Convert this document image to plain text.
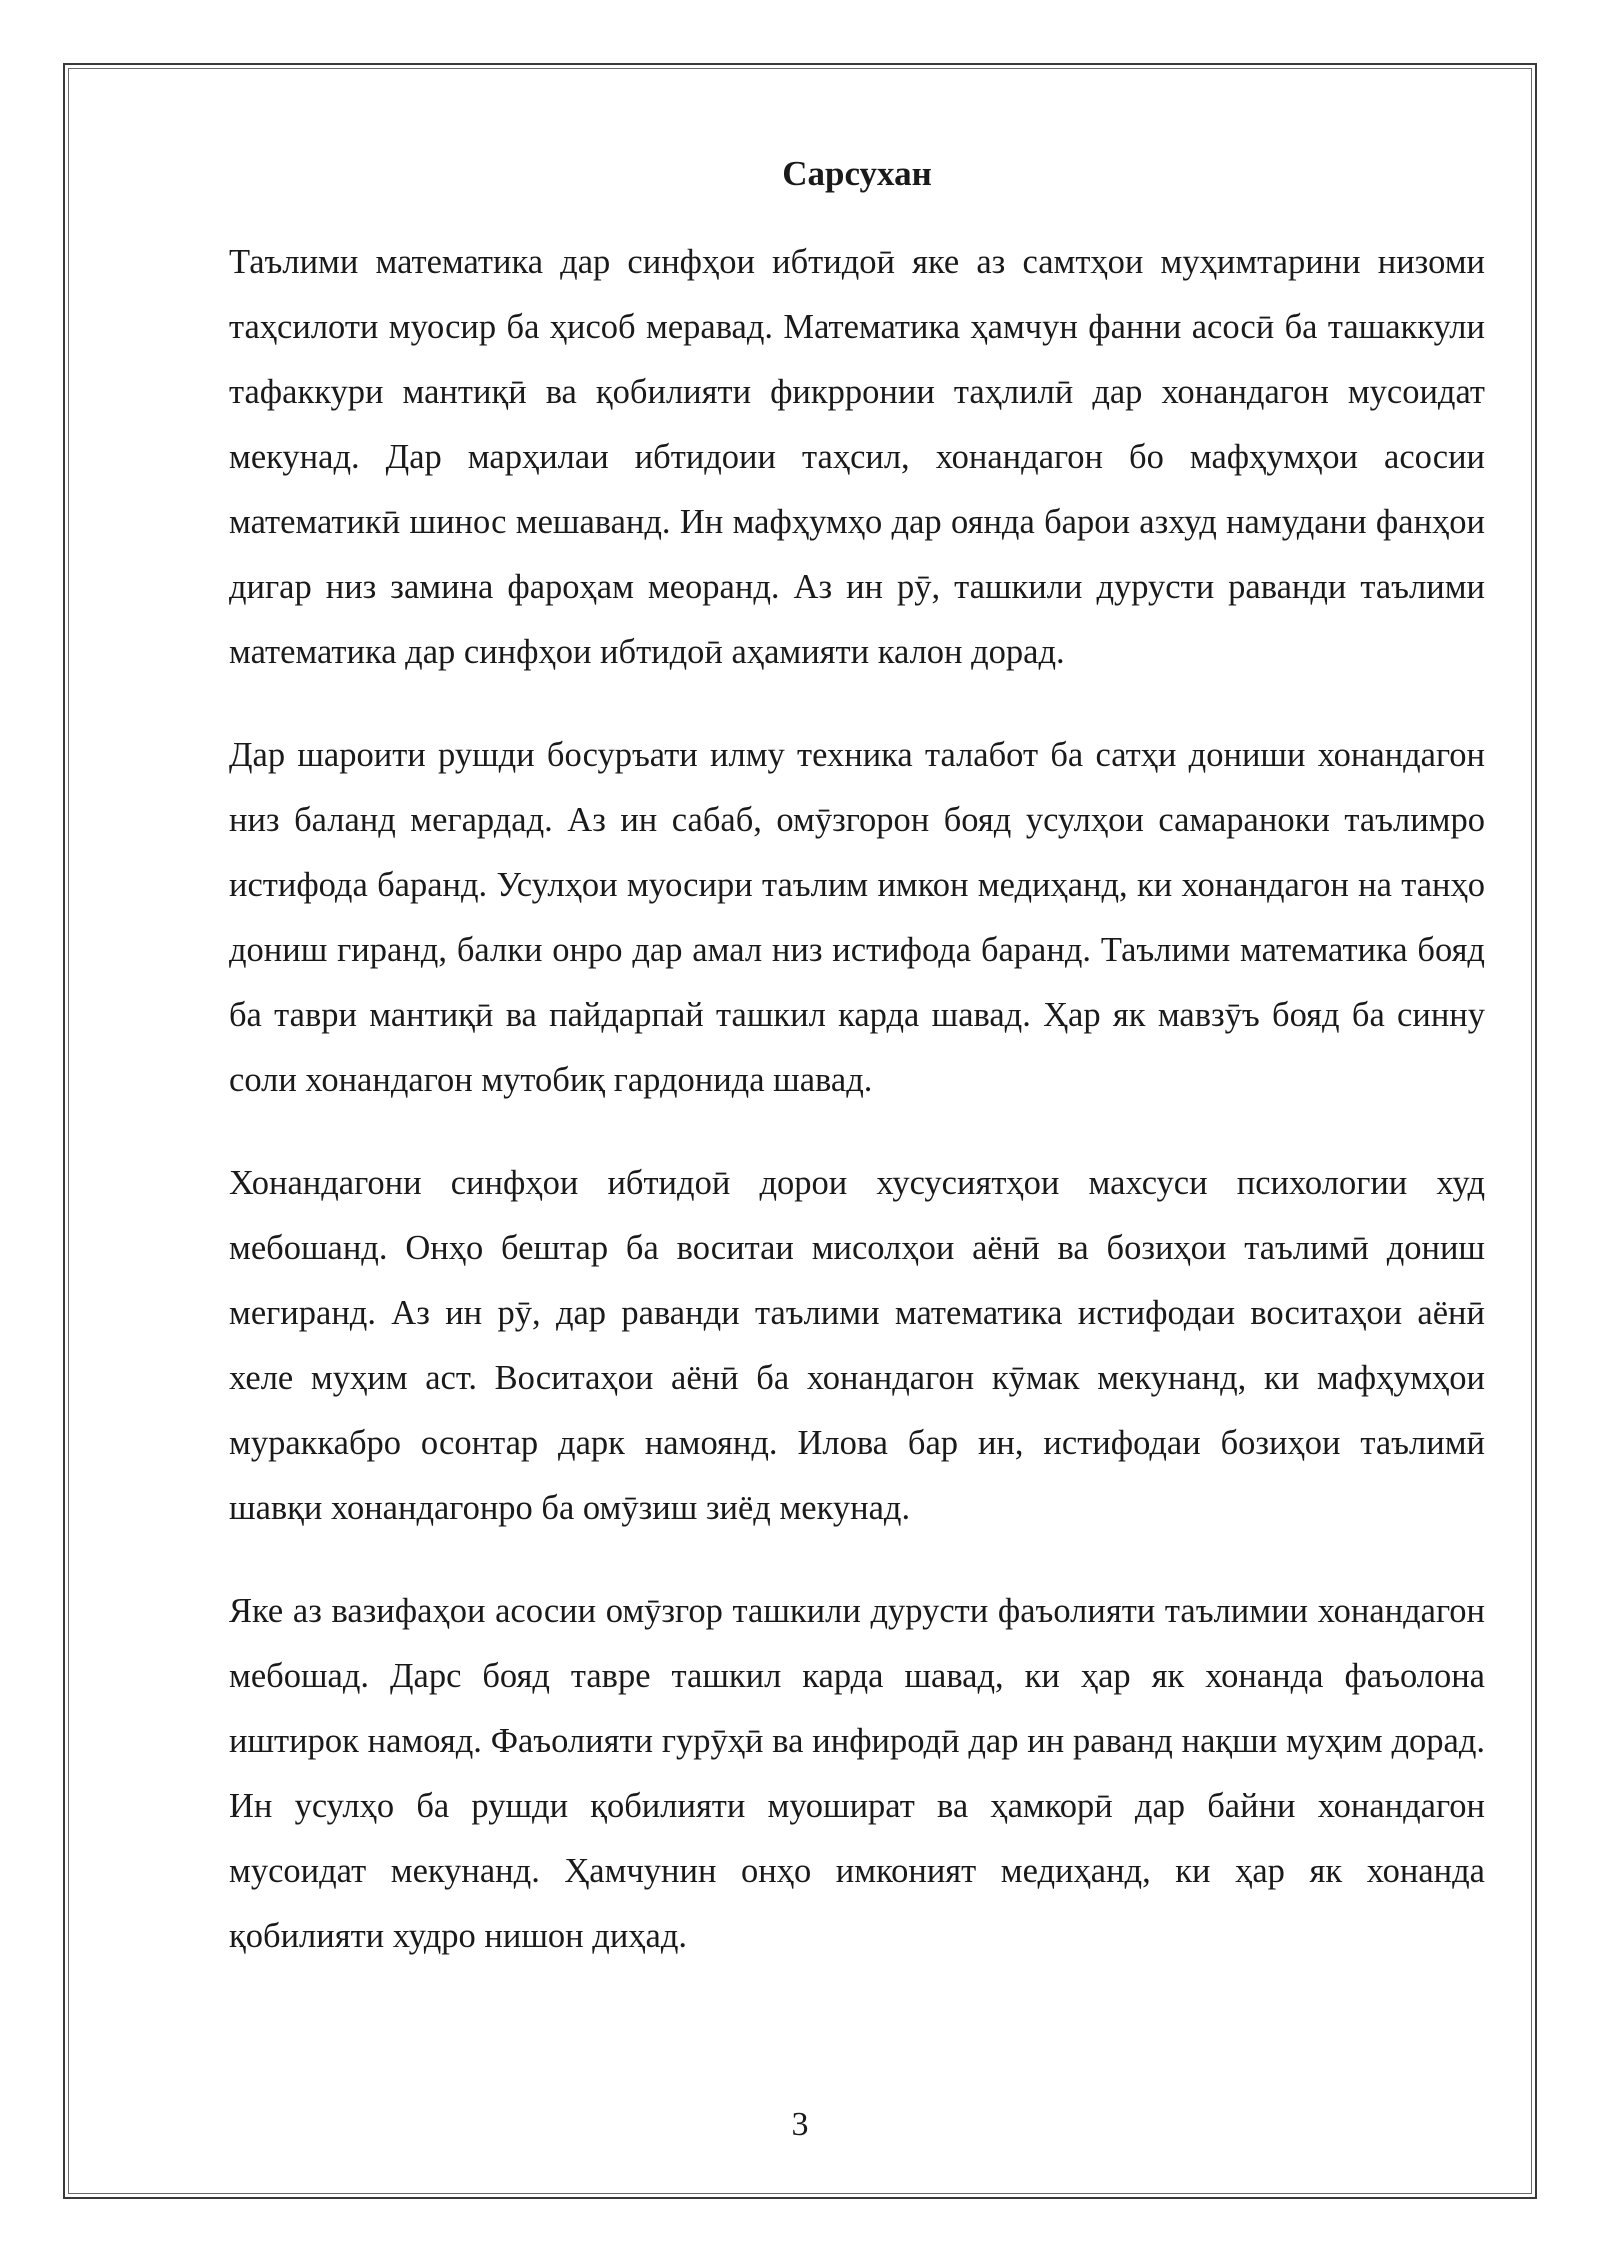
Сарсухан

Таълими математика дар синфҳои ибтидоӣ яке аз самтҳои муҳимтарини низоми таҳсилоти муосир ба ҳисоб меравад. Математика ҳамчун фанни асосӣ ба ташаккули тафаккури мантиқӣ ва қобилияти фикрронии таҳлилӣ дар хонандагон мусоидат мекунад. Дар марҳилаи ибтидоии таҳсил, хонандагон бо мафҳумҳои асосии математикӣ шинос мешаванд. Ин мафҳумҳо дар оянда барои азхуд намудани фанҳои дигар низ замина фароҳам меоранд. Аз ин рӯ, ташкили дурусти раванди таълими математика дар синфҳои ибтидоӣ аҳамияти калон дорад.

Дар шароити рушди босуръати илму техника талабот ба сатҳи дониши хонандагон низ баланд мегардад. Аз ин сабаб, омӯзгорон бояд усулҳои самараноки таълимро истифода баранд. Усулҳои муосири таълим имкон медиҳанд, ки хонандагон на танҳо дониш гиранд, балки онро дар амал низ истифода баранд. Таълими математика бояд ба таври мантиқӣ ва пайдарпай ташкил карда шавад. Ҳар як мавзӯъ бояд ба синну соли хонандагон мутобиқ гардонида шавад.

Хонандагони синфҳои ибтидоӣ дорои хусусиятҳои махсуси психологии худ мебошанд. Онҳо бештар ба воситаи мисолҳои аёнӣ ва бозиҳои таълимӣ дониш мегиранд. Аз ин рӯ, дар раванди таълими математика истифодаи воситаҳои аёнӣ хеле муҳим аст. Воситаҳои аёнӣ ба хонандагон кӯмак мекунанд, ки мафҳумҳои мураккабро осонтар дарк намоянд. Илова бар ин, истифодаи бозиҳои таълимӣ шавқи хонандагонро ба омӯзиш зиёд мекунад.

Яке аз вазифаҳои асосии омӯзгор ташкили дурусти фаъолияти таълимии хонандагон мебошад. Дарс бояд тавре ташкил карда шавад, ки ҳар як хонанда фаъолона иштирок намояд. Фаъолияти гурӯҳӣ ва инфиродӣ дар ин раванд нақши муҳим дорад. Ин усулҳо ба рушди қобилияти муошират ва ҳамкорӣ дар байни хонандагон мусоидат мекунанд. Ҳамчунин онҳо имконият медиҳанд, ки ҳар як хонанда қобилияти худро нишон диҳад.

3
